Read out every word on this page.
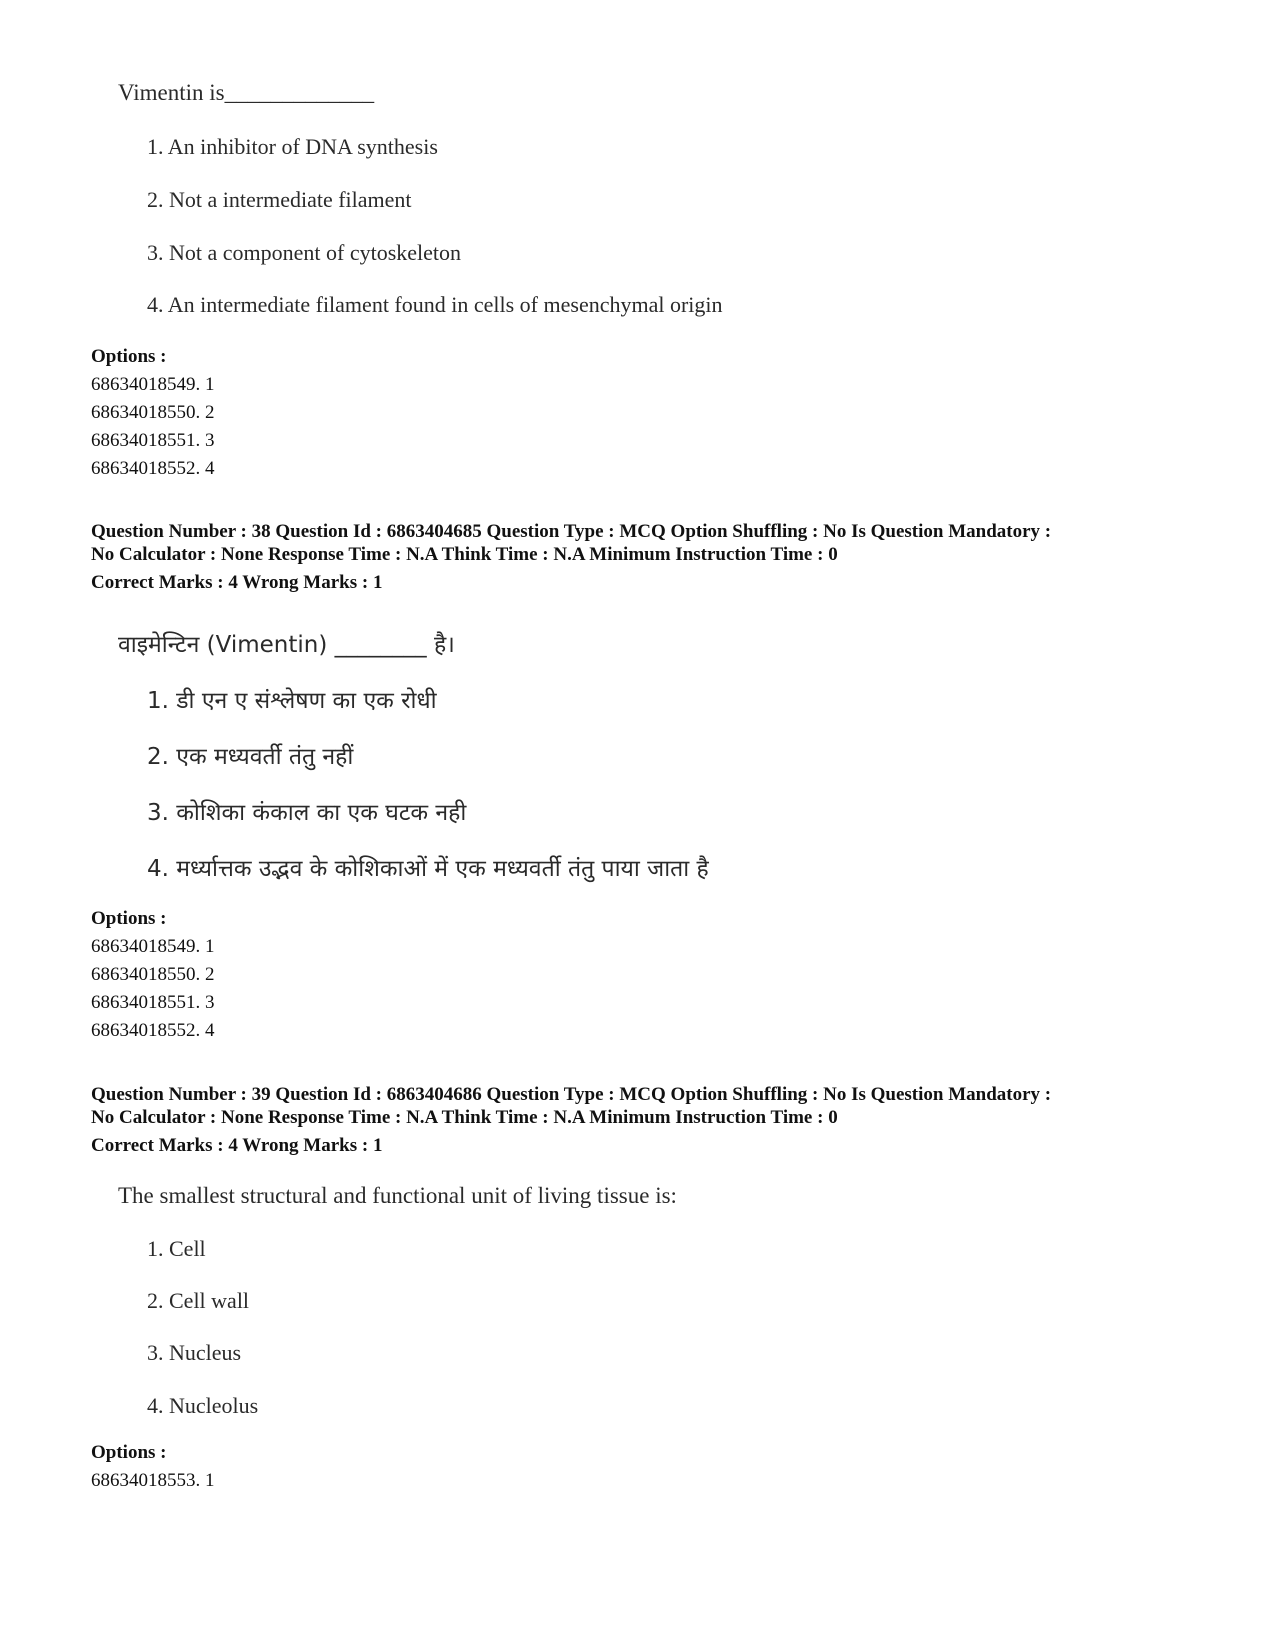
Vimentin is_____________
1. An inhibitor of DNA synthesis
2. Not a intermediate filament
3. Not a component of cytoskeleton
4. An intermediate filament found in cells of mesenchymal origin
Options :
68634018549. 1
68634018550. 2
68634018551. 3
68634018552. 4
Question Number : 38 Question Id : 6863404685 Question Type : MCQ Option Shuffling : No Is Question Mandatory :
No Calculator : None Response Time : N.A Think Time : N.A Minimum Instruction Time : 0
Correct Marks : 4 Wrong Marks : 1
वाइमेन्टिन (Vimentin) ________ है।
1. डी एन ए संश्लेषण का एक रोधी
2. एक मध्यवर्ती तंतु नहीं
3. कोशिका कंकाल का एक घटक नही
4. मर्ध्यात्तक उद्भव के कोशिकाओं में एक मध्यवर्ती तंतु पाया जाता है
Options :
68634018549. 1
68634018550. 2
68634018551. 3
68634018552. 4
Question Number : 39 Question Id : 6863404686 Question Type : MCQ Option Shuffling : No Is Question Mandatory :
No Calculator : None Response Time : N.A Think Time : N.A Minimum Instruction Time : 0
Correct Marks : 4 Wrong Marks : 1
The smallest structural and functional unit of living tissue is:
1. Cell
2. Cell wall
3. Nucleus
4. Nucleolus
Options :
68634018553. 1
